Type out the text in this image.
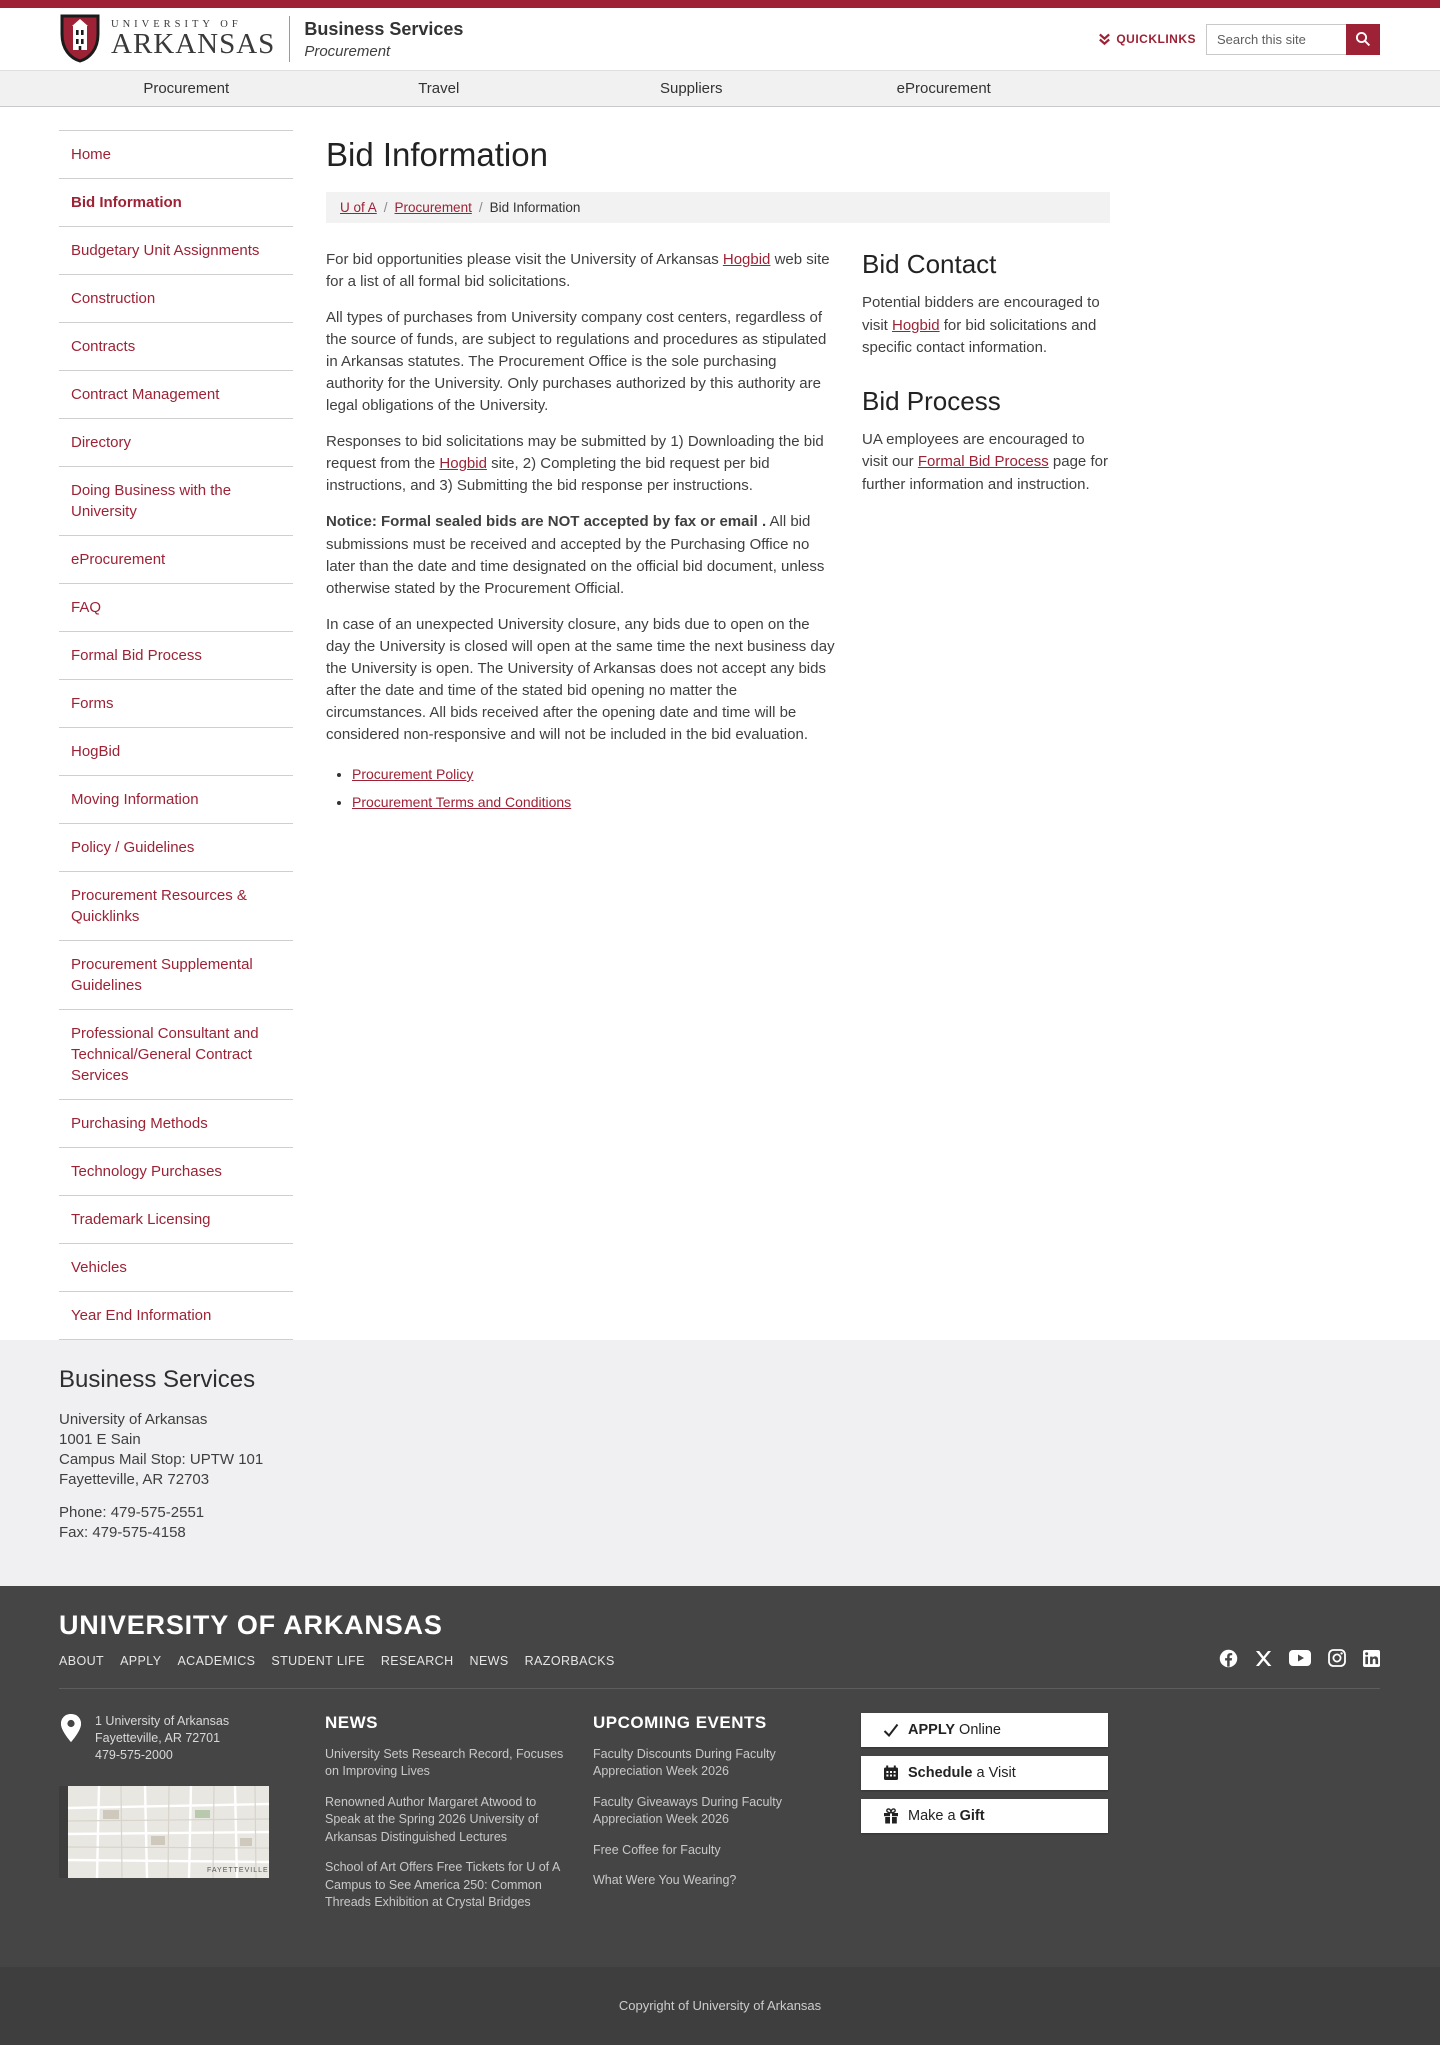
UNIVERSITY OF
ARKANSAS Business Services
Procurement
QUICKLINKS
Search this site
Procurement	Travel	Suppliers	eProcurement
Home
Bid Information
Budgetary Unit Assignments
Construction
Contracts
Contract Management
Directory
Doing Business with the University
eProcurement
FAQ
Formal Bid Process
Forms
HogBid
Moving Information
Policy / Guidelines
Procurement Resources & Quicklinks
Procurement Supplemental Guidelines
Professional Consultant and Technical/General Contract Services
Purchasing Methods
Technology Purchases
Trademark Licensing
Vehicles
Year End Information
Bid Information
U of A / Procurement / Bid Information

For bid opportunities please visit the University of Arkansas Hogbid web site for a list of all formal bid solicitations.

All types of purchases from University company cost centers, regardless of the source of funds, are subject to regulations and procedures as stipulated in Arkansas statutes. The Procurement Office is the sole purchasing authority for the University. Only purchases authorized by this authority are legal obligations of the University.

Responses to bid solicitations may be submitted by 1) Downloading the bid request from the Hogbid site, 2) Completing the bid request per bid instructions, and 3) Submitting the bid response per instructions.

Notice: Formal sealed bids are NOT accepted by fax or email . All bid submissions must be received and accepted by the Purchasing Office no later than the date and time designated on the official bid document, unless otherwise stated by the Procurement Official.

In case of an unexpected University closure, any bids due to open on the day the University is closed will open at the same time the next business day the University is open. The University of Arkansas does not accept any bids after the date and time of the stated bid opening no matter the circumstances. All bids received after the opening date and time will be considered non-responsive and will not be included in the bid evaluation.

• Procurement Policy
• Procurement Terms and Conditions
Bid Contact

Potential bidders are encouraged to visit Hogbid for bid solicitations and specific contact information.

Bid Process

UA employees are encouraged to visit our Formal Bid Process page for further information and instruction.

Business Services
University of Arkansas
1001 E Sain
Campus Mail Stop: UPTW 101
Fayetteville, AR 72703
Phone: 479-575-2551
Fax: 479-575-4158
UNIVERSITY OF ARKANSAS
ABOUT APPLY ACADEMICS STUDENT LIFE RESEARCH NEWS RAZORBACKS
1 University of Arkansas
Fayetteville, AR 72701
479-575-2000
FAYETTEVILLE
NEWS
University Sets Research Record, Focuses on Improving Lives
Renowned Author Margaret Atwood to Speak at the Spring 2026 University of Arkansas Distinguished Lectures
School of Art Offers Free Tickets for U of A Campus to See America 250: Common Threads Exhibition at Crystal Bridges
UPCOMING EVENTS
Faculty Discounts During Faculty Appreciation Week 2026
Faculty Giveaways During Faculty Appreciation Week 2026
Free Coffee for Faculty
What Were You Wearing?
APPLY Online
Schedule a Visit
Make a Gift
Copyright of University of Arkansas
